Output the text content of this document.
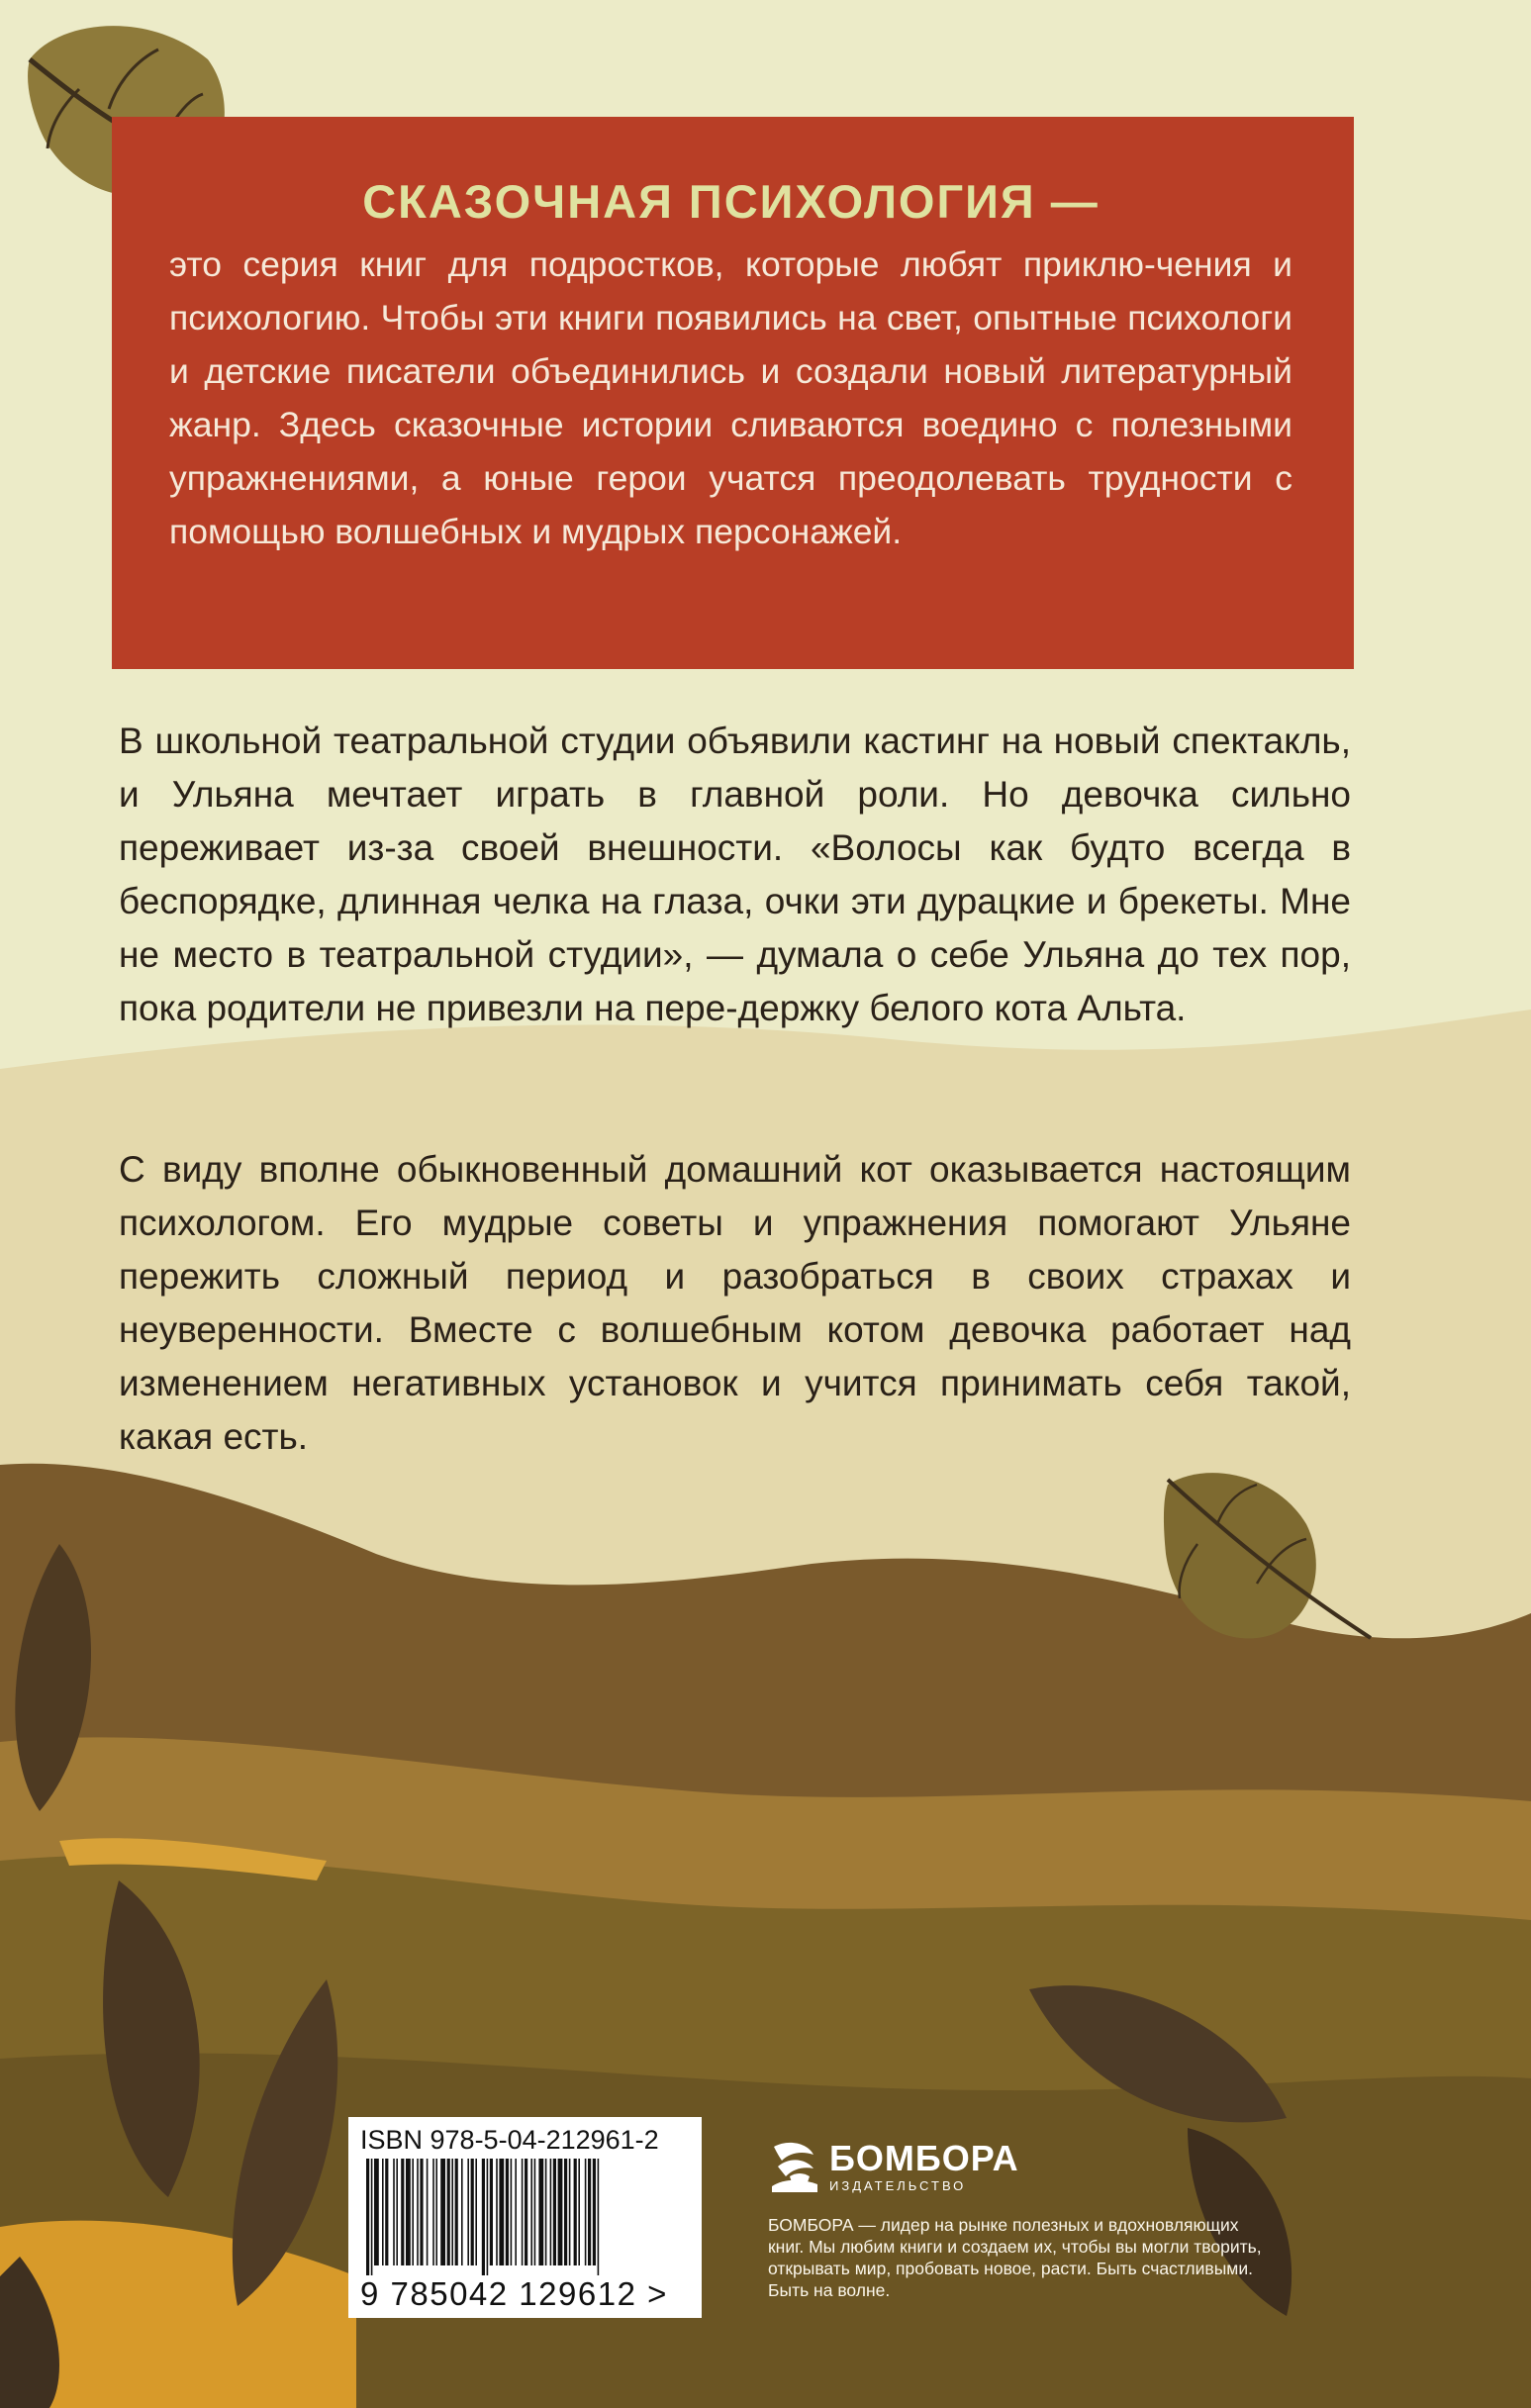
СКАЗОЧНАЯ ПСИХОЛОГИЯ —

это серия книг для подростков, которые любят приклю-чения и психологию. Чтобы эти книги появились на свет, опытные психологи и детские писатели объединились и создали новый литературный жанр. Здесь сказочные истории сливаются воедино с полезными упражнениями, а юные герои учатся преодолевать трудности с помощью волшебных и мудрых персонажей.

В школьной театральной студии объявили кастинг на новый спектакль, и Ульяна мечтает играть в главной роли. Но девочка сильно переживает из-за своей внешности. «Волосы как будто всегда в беспорядке, длинная челка на глаза, очки эти дурацкие и брекеты. Мне не место в театральной студии», — думала о себе Ульяна до тех пор, пока родители не привезли на пере-держку белого кота Альта.

С виду вполне обыкновенный домашний кот оказывается настоящим психологом. Его мудрые советы и упражнения помогают Ульяне пережить сложный период и разобраться в своих страхах и неуверенности. Вместе с волшебным котом девочка работает над изменением негативных установок и учится принимать себя такой, какая есть.

ISBN 978-5-04-212961-2
9 785042 129612 >
БОМБОРА
ИЗДАТЕЛЬСТВО

БОМБОРА — лидер на рынке полезных и вдохновляющих книг. Мы любим книги и создаем их, чтобы вы могли творить, открывать мир, пробовать новое, расти. Быть счастливыми. Быть на волне.
